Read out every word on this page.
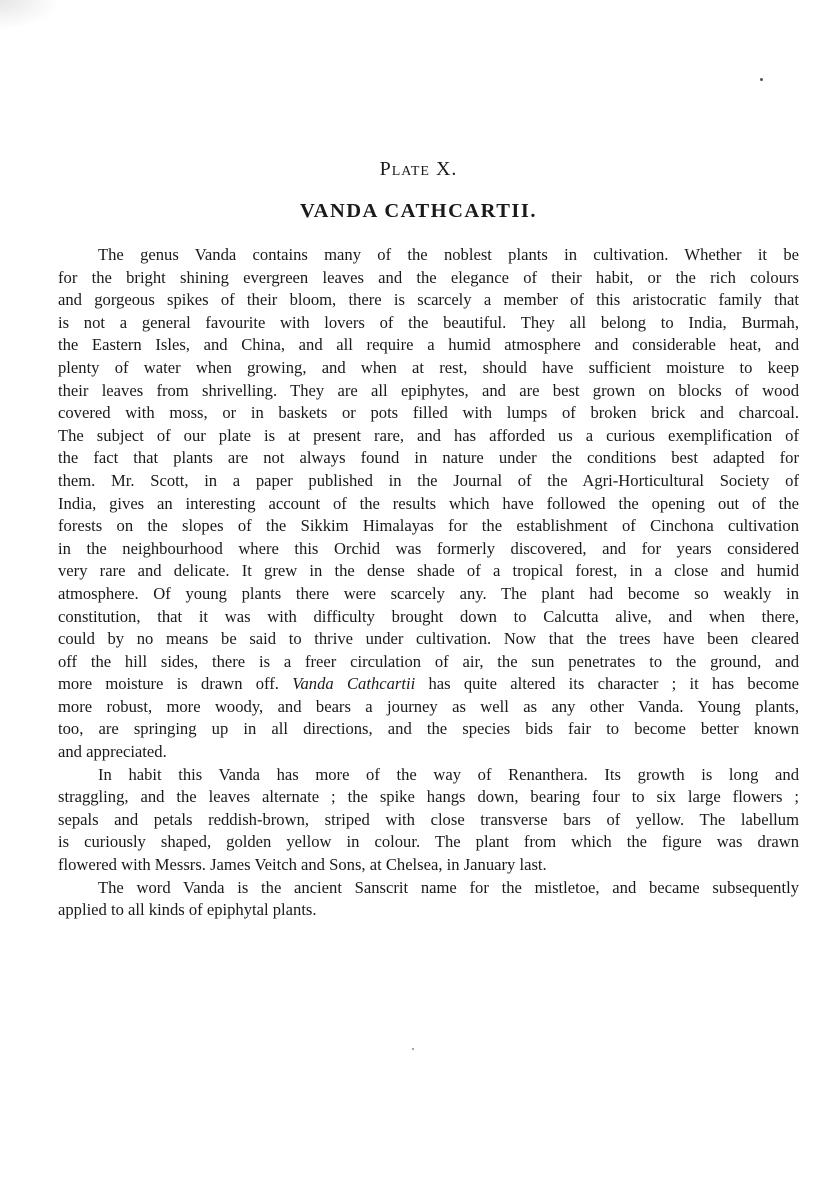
Plate X.
VANDA CATHCARTII.
The genus Vanda contains many of the noblest plants in cultivation. Whether it be
for the bright shining evergreen leaves and the elegance of their habit, or the rich colours
and gorgeous spikes of their bloom, there is scarcely a member of this aristocratic family that
is not a general favourite with lovers of the beautiful. They all belong to India, Burmah,
the Eastern Isles, and China, and all require a humid atmosphere and considerable heat, and
plenty of water when growing, and when at rest, should have sufficient moisture to keep
their leaves from shrivelling. They are all epiphytes, and are best grown on blocks of wood
covered with moss, or in baskets or pots filled with lumps of broken brick and charcoal.
The subject of our plate is at present rare, and has afforded us a curious exemplification of
the fact that plants are not always found in nature under the conditions best adapted for
them. Mr. Scott, in a paper published in the Journal of the Agri-Horticultural Society of
India, gives an interesting account of the results which have followed the opening out of the
forests on the slopes of the Sikkim Himalayas for the establishment of Cinchona cultivation
in the neighbourhood where this Orchid was formerly discovered, and for years considered
very rare and delicate. It grew in the dense shade of a tropical forest, in a close and humid
atmosphere. Of young plants there were scarcely any. The plant had become so weakly in
constitution, that it was with difficulty brought down to Calcutta alive, and when there,
could by no means be said to thrive under cultivation. Now that the trees have been cleared
off the hill sides, there is a freer circulation of air, the sun penetrates to the ground, and
more moisture is drawn off. Vanda Cathcartii has quite altered its character ; it has become
more robust, more woody, and bears a journey as well as any other Vanda. Young plants,
too, are springing up in all directions, and the species bids fair to become better known
and appreciated.
In habit this Vanda has more of the way of Renanthera. Its growth is long and
straggling, and the leaves alternate ; the spike hangs down, bearing four to six large flowers ;
sepals and petals reddish-brown, striped with close transverse bars of yellow. The labellum
is curiously shaped, golden yellow in colour. The plant from which the figure was drawn
flowered with Messrs. James Veitch and Sons, at Chelsea, in January last.
The word Vanda is the ancient Sanscrit name for the mistletoe, and became subsequently
applied to all kinds of epiphytal plants.
